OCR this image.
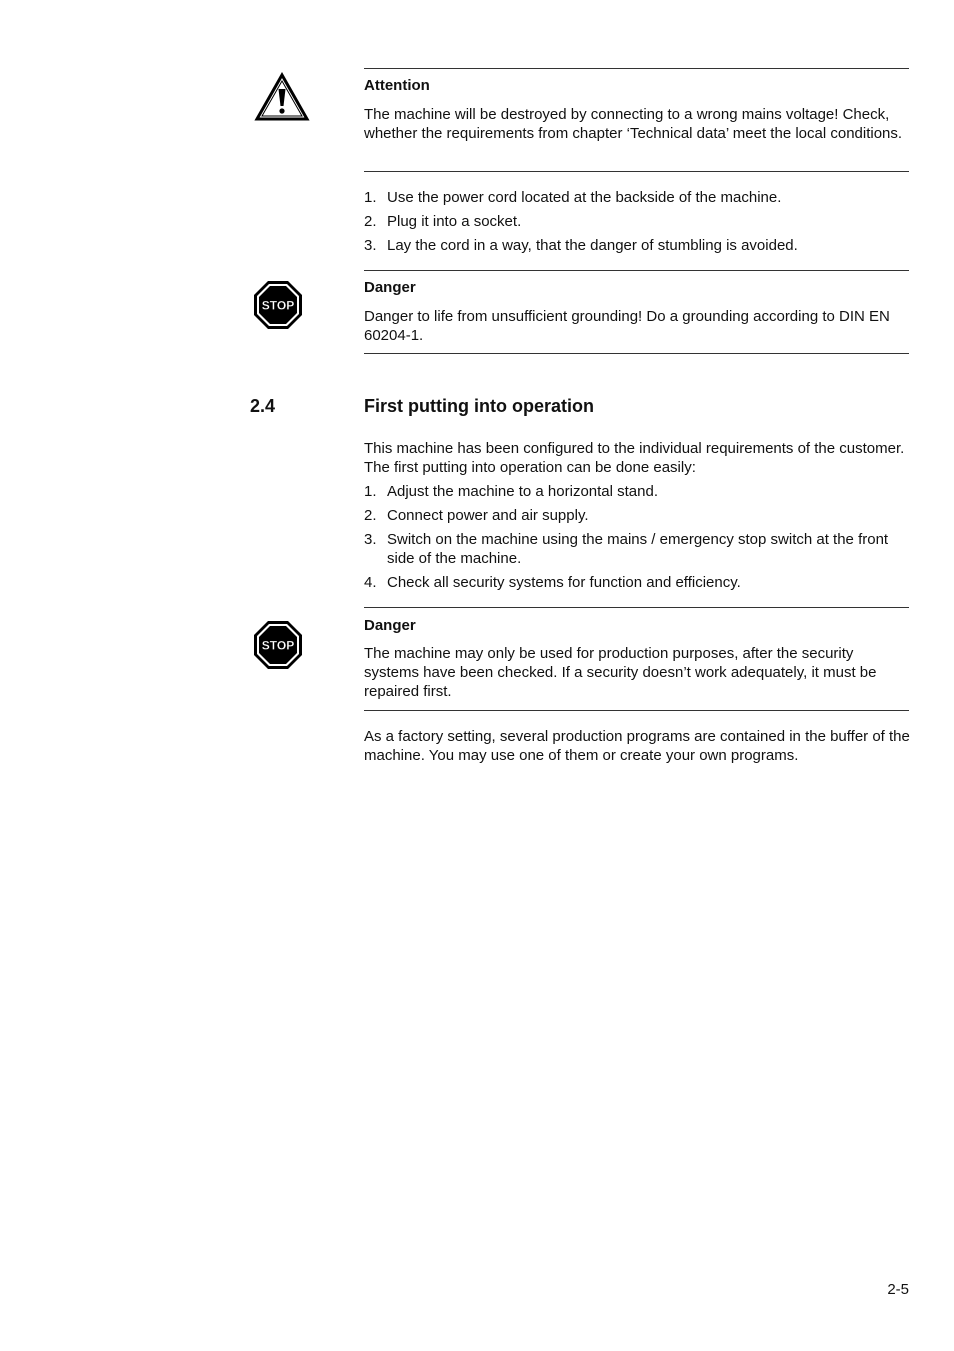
Attention

The machine will be destroyed by connecting to a wrong mains voltage! Check, whether the requirements from chapter ‘Technical data’ meet the local conditions.

1. Use the power cord located at the backside of the machine.
2. Plug it into a socket.
3. Lay the cord in a way, that the danger of stumbling is avoided.
STOP
Danger

Danger to life from unsufficient grounding! Do a grounding according to DIN EN 60204-1.

2.4	First putting into operation

This machine has been configured to the individual requirements of the customer. The first putting into operation can be done easily:

1. Adjust the machine to a horizontal stand.
2. Connect power and air supply.
3. Switch on the machine using the mains / emergency stop switch at the front side of the machine.
4. Check all security systems for function and efficiency.
STOP
Danger

The machine may only be used for production purposes, after the security systems have been checked. If a security doesn’t work adequately, it must be repaired first.

As a factory setting, several production programs are contained in the buffer of the machine. You may use one of them or create your own programs.

2-5
